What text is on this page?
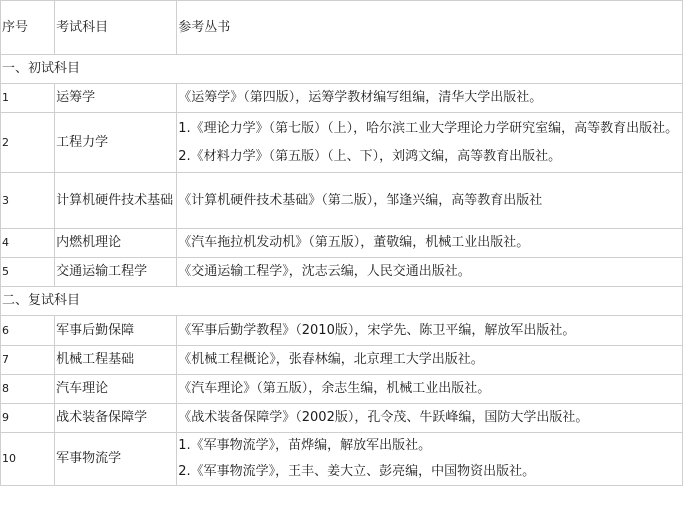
序号	考试科目	参考丛书
一、初试科目		
1	运筹学	《运筹学》（第四版），运筹学教材编写组编，清华大学出版社。

2	工程力学	1.《理论力学》（第七版）（上），哈尔滨工业大学理论力学研究室编，高等教育出版社。
2.《材料力学》（第五版）（上、下），刘鸿文编，高等教育出版社。

3	计算机硬件技术基础	《计算机硬件技术基础》（第二版），邹逢兴编，高等教育出版社

4	内燃机理论	《汽车拖拉机发动机》（第五版），董敬编，机械工业出版社。

5	交通运输工程学	《交通运输工程学》，沈志云编，人民交通出版社。

二、复试科目		
6	军事后勤保障	《军事后勤学教程》（2010版），宋学先、陈卫平编，解放军出版社。

7	机械工程基础	《机械工程概论》，张春林编，北京理工大学出版社。

8	汽车理论	《汽车理论》（第五版），余志生编，机械工业出版社。

9	战术装备保障学	《战术装备保障学》（2002版），孔令茂、牛跃峰编，国防大学出版社。

10	军事物流学	1.《军事物流学》，苗烨编，解放军出版社。
2.《军事物流学》，王丰、姜大立、彭亮编，中国物资出版社。
